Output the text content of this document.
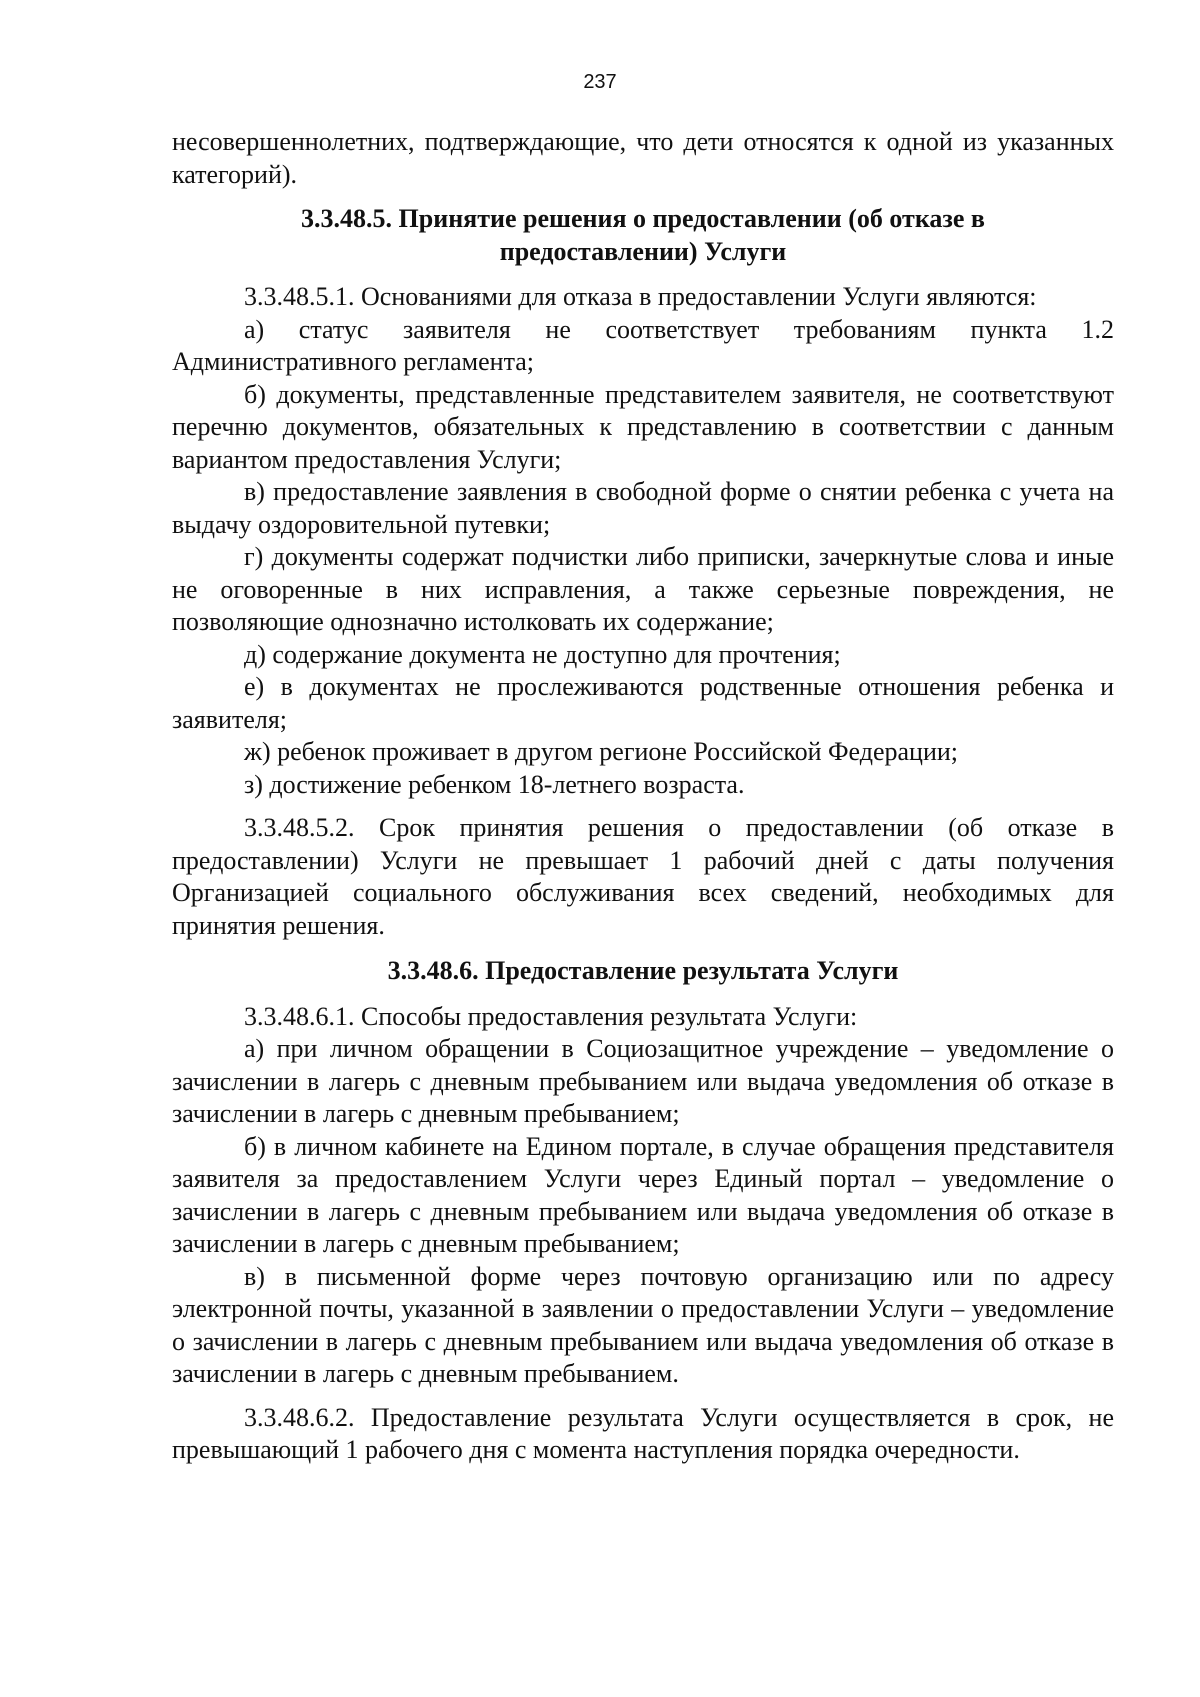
237

несовершеннолетних, подтверждающие, что дети относятся к одной из указанных категорий).

3.3.48.5. Принятие решения о предоставлении (об отказе в предоставлении) Услуги

3.3.48.5.1. Основаниями для отказа в предоставлении Услуги являются:

а) статус заявителя не соответствует требованиям пункта 1.2 Административного регламента;

б) документы, представленные представителем заявителя, не соответствуют перечню документов, обязательных к представлению в соответствии с данным вариантом предоставления Услуги;

в) предоставление заявления в свободной форме о снятии ребенка с учета на выдачу оздоровительной путевки;

г) документы содержат подчистки либо приписки, зачеркнутые слова и иные не оговоренные в них исправления, а также серьезные повреждения, не позволяющие однозначно истолковать их содержание;

д) содержание документа не доступно для прочтения;

е) в документах не прослеживаются родственные отношения ребенка и заявителя;

ж) ребенок проживает в другом регионе Российской Федерации;

з) достижение ребенком 18-летнего возраста.

3.3.48.5.2. Срок принятия решения о предоставлении (об отказе в предоставлении) Услуги не превышает 1 рабочий дней с даты получения Организацией социального обслуживания всех сведений, необходимых для принятия решения.

3.3.48.6. Предоставление результата Услуги

3.3.48.6.1. Способы предоставления результата Услуги:

а) при личном обращении в Социозащитное учреждение – уведомление о зачислении в лагерь с дневным пребыванием или выдача уведомления об отказе в зачислении в лагерь с дневным пребыванием;

б) в личном кабинете на Едином портале, в случае обращения представителя заявителя за предоставлением Услуги через Единый портал – уведомление о зачислении в лагерь с дневным пребыванием или выдача уведомления об отказе в зачислении в лагерь с дневным пребыванием;

в) в письменной форме через почтовую организацию или по адресу электронной почты, указанной в заявлении о предоставлении Услуги – уведомление о зачислении в лагерь с дневным пребыванием или выдача уведомления об отказе в зачислении в лагерь с дневным пребыванием.

3.3.48.6.2. Предоставление результата Услуги осуществляется в срок, не превышающий 1 рабочего дня с момента наступления порядка очередности.
